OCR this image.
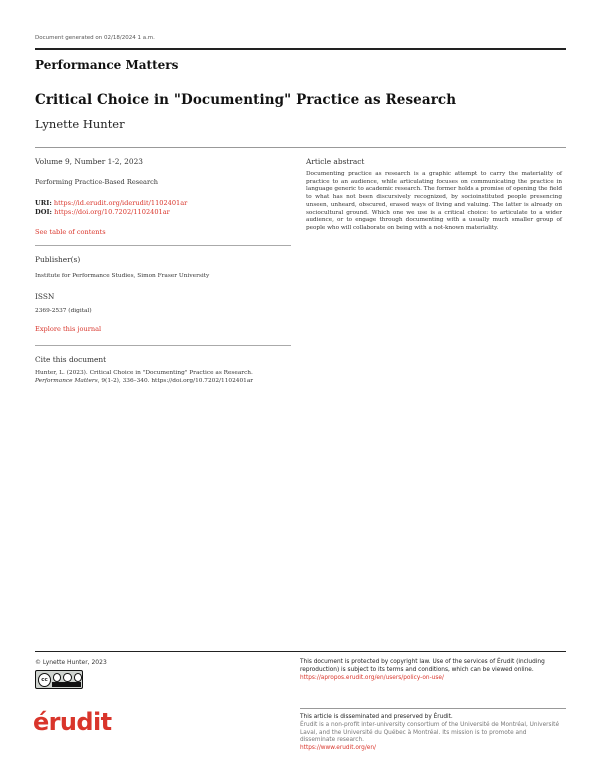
Document generated on 02/18/2024 1 a.m.
Performance Matters
Critical Choice in "Documenting" Practice as Research
Lynette Hunter
Volume 9, Number 1-2, 2023
Performing Practice-Based Research
URI: https://id.erudit.org/iderudit/1102401ar
DOI: https://doi.org/10.7202/1102401ar
See table of contents
Publisher(s)
Institute for Performance Studies, Simon Fraser University
ISSN
2369-2537 (digital)
Explore this journal
Cite this document
Hunter, L. (2023). Critical Choice in "Documenting" Practice as Research.
Performance Matters, 9(1-2), 336–340. https://doi.org/10.7202/1102401ar
Article abstract
Documenting practice as research is a graphic attempt to carry the materiality of practice to an audience, while articulating focuses on communicating the practice in language generic to academic research. The former holds a promise of opening the field to what has not been discursively recognized, by socioinstituted people presencing unseen, unheard, obscured, erased ways of living and valuing. The latter is already on sociocultural ground. Which one we use is a critical choice: to articulate to a wider audience, or to engage through documenting with a usually much smaller group of people who will collaborate on being with a not-known materiality.
© Lynette Hunter, 2023
cc
This document is protected by copyright law. Use of the services of Érudit (including reproduction) is subject to its terms and conditions, which can be viewed online.
https://apropos.erudit.org/en/users/policy-on-use/
érudit	This article is disseminated and preserved by Érudit.
Érudit is a non-profit inter-university consortium of the Université de Montréal, Université Laval, and the Université du Québec à Montréal. Its mission is to promote and disseminate research.
https://www.erudit.org/en/
